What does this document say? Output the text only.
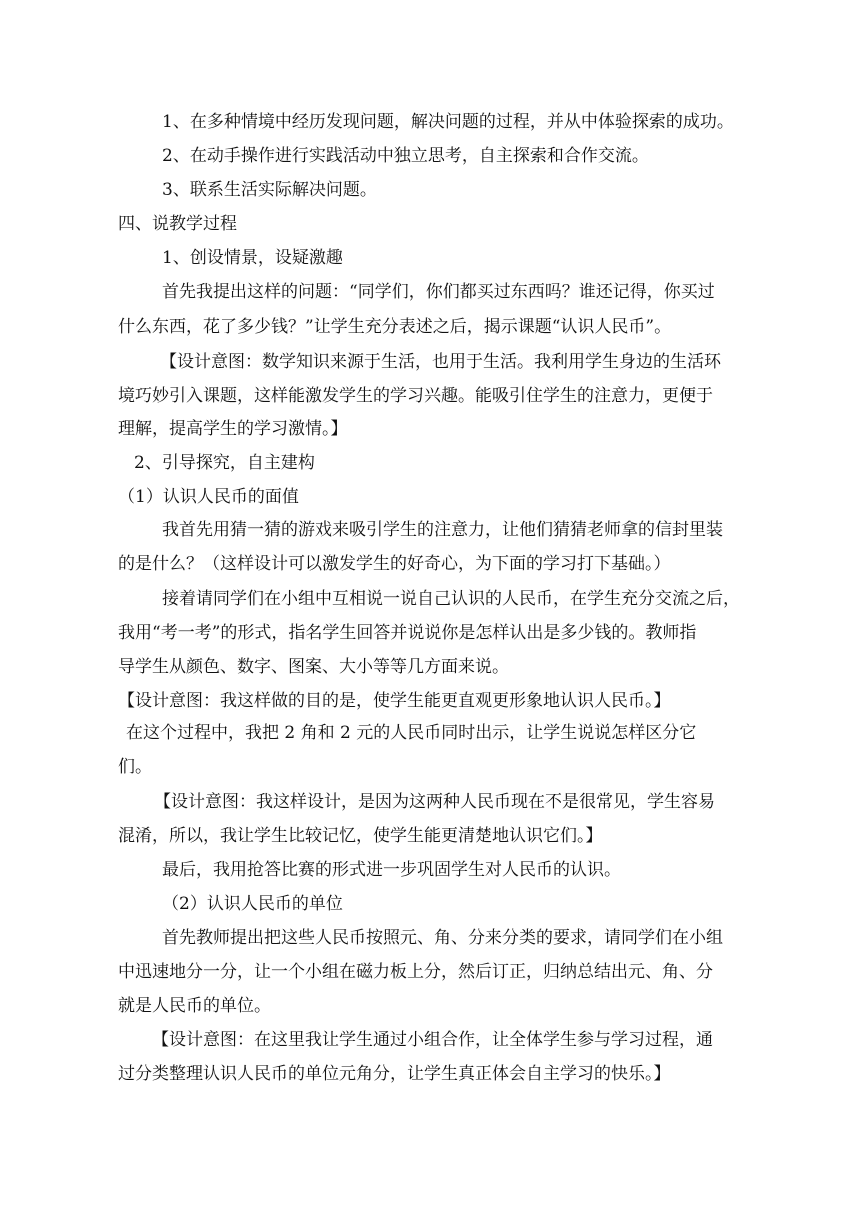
1、在多种情境中经历发现问题，解决问题的过程，并从中体验探索的成功。
2、在动手操作进行实践活动中独立思考，自主探索和合作交流。
3、联系生活实际解决问题。
四、说教学过程
1、创设情景，设疑激趣
首先我提出这样的问题：“同学们，你们都买过东西吗？谁还记得，你买过
什么东西，花了多少钱？”让学生充分表述之后，揭示课题“认识人民币”。
【设计意图：数学知识来源于生活，也用于生活。我利用学生身边的生活环
境巧妙引入课题，这样能激发学生的学习兴趣。能吸引住学生的注意力，更便于
理解，提高学生的学习激情。】
2、引导探究，自主建构
（1）认识人民币的面值
我首先用猜一猜的游戏来吸引学生的注意力，让他们猜猜老师拿的信封里装
的是什么？（这样设计可以激发学生的好奇心，为下面的学习打下基础。）
接着请同学们在小组中互相说一说自己认识的人民币，在学生充分交流之后，
我用“考一考”的形式，指名学生回答并说说你是怎样认出是多少钱的。教师指
导学生从颜色、数字、图案、大小等等几方面来说。
【设计意图：我这样做的目的是，使学生能更直观更形象地认识人民币。】
在这个过程中，我把 2 角和 2 元的人民币同时出示，让学生说说怎样区分它
们。
【设计意图：我这样设计，是因为这两种人民币现在不是很常见，学生容易
混淆，所以，我让学生比较记忆，使学生能更清楚地认识它们。】
最后，我用抢答比赛的形式进一步巩固学生对人民币的认识。
（2）认识人民币的单位
首先教师提出把这些人民币按照元、角、分来分类的要求，请同学们在小组
中迅速地分一分，让一个小组在磁力板上分，然后订正，归纳总结出元、角、分
就是人民币的单位。
【设计意图：在这里我让学生通过小组合作，让全体学生参与学习过程，通
过分类整理认识人民币的单位元角分，让学生真正体会自主学习的快乐。】
